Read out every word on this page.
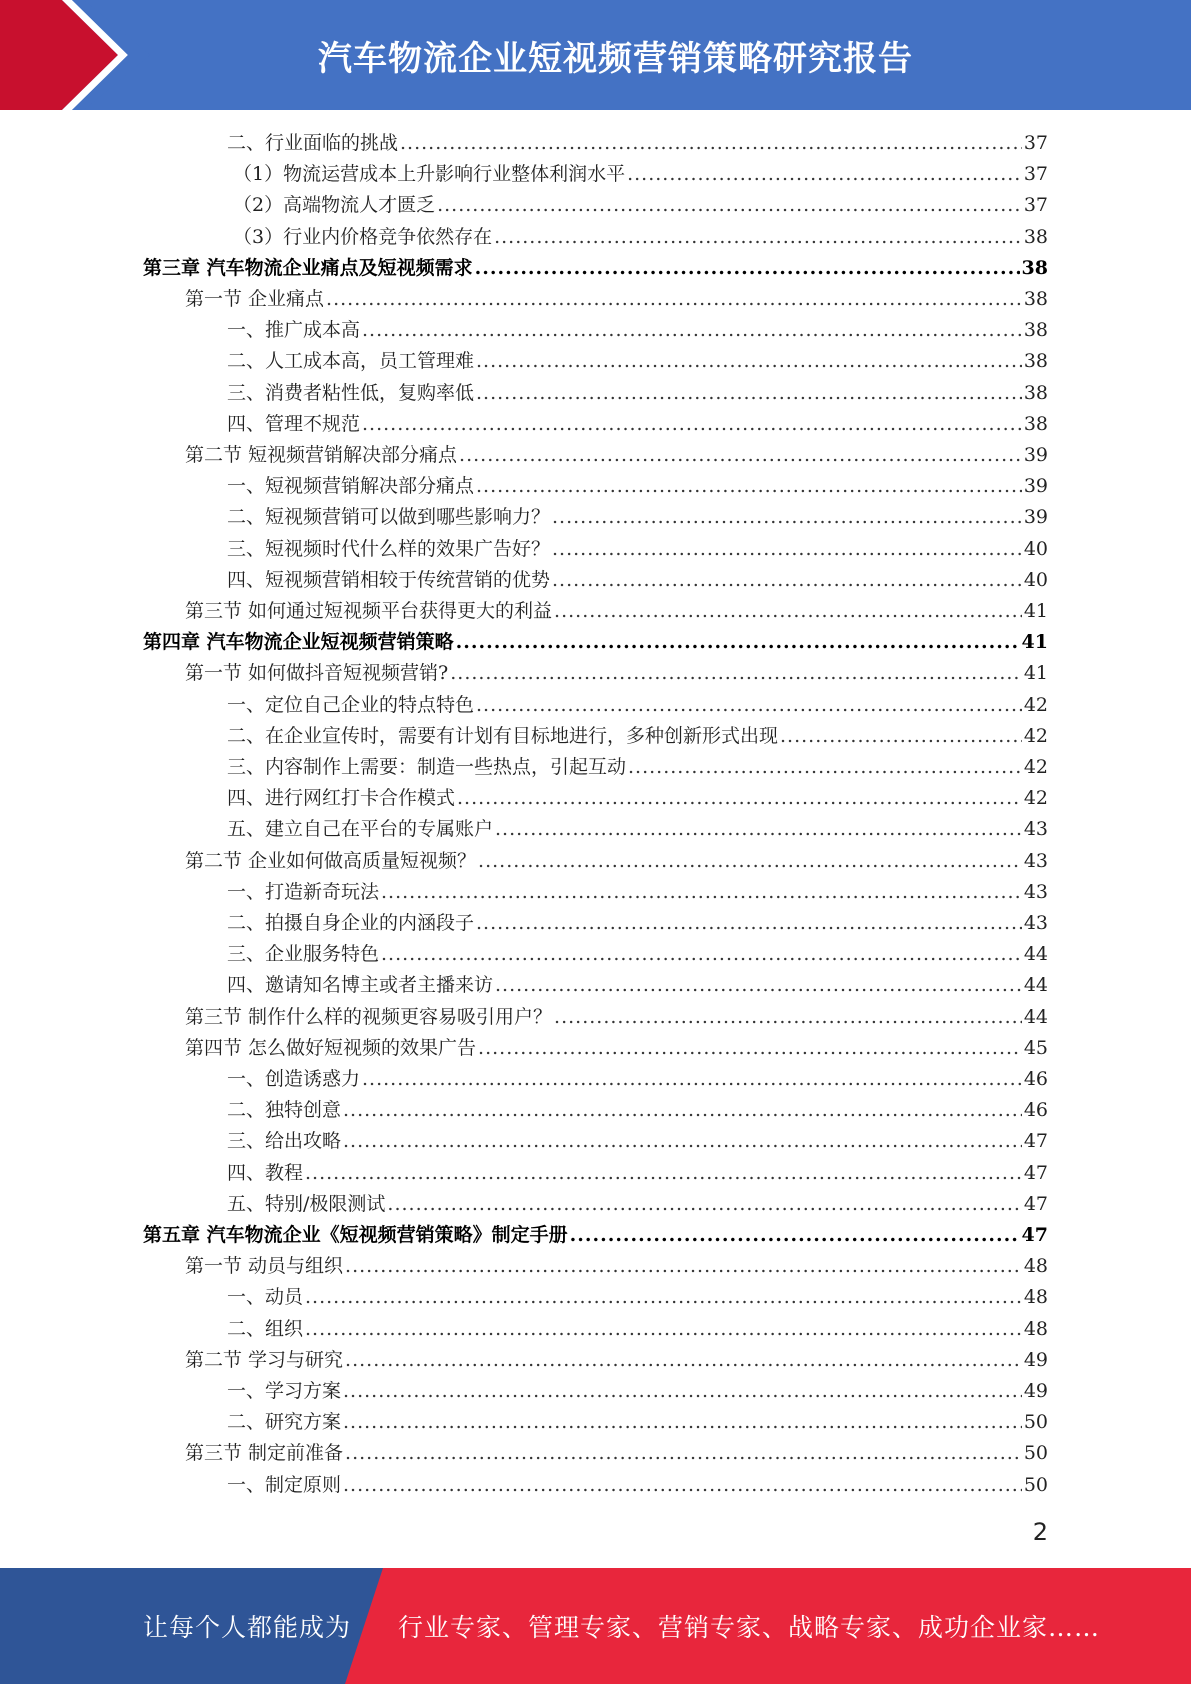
汽车物流企业短视频营销策略研究报告
二、行业面临的挑战 .....	37
（1）物流运营成本上升影响行业整体利润水平 .....	37
（2）高端物流人才匮乏 .....	37
（3）行业内价格竞争依然存在 .....	38
第三章 汽车物流企业痛点及短视频需求 .....	38
第一节 企业痛点 .....	38
一、推广成本高 .....	38
二、人工成本高，员工管理难 .....	38
三、消费者粘性低，复购率低 .....	38
四、管理不规范 .....	38
第二节 短视频营销解决部分痛点 .....	39
一、短视频营销解决部分痛点 .....	39
二、短视频营销可以做到哪些影响力？ .....	39
三、短视频时代什么样的效果广告好？ .....	40
四、短视频营销相较于传统营销的优势 .....	40
第三节 如何通过短视频平台获得更大的利益 .....	41
第四章 汽车物流企业短视频营销策略 .....	41
第一节 如何做抖音短视频营销? .....	41
一、定位自己企业的特点特色 .....	42
二、在企业宣传时，需要有计划有目标地进行，多种创新形式出现 .....	42
三、内容制作上需要：制造一些热点，引起互动 .....	42
四、进行网红打卡合作模式 .....	42
五、建立自己在平台的专属账户 .....	43
第二节 企业如何做高质量短视频？ .....	43
一、打造新奇玩法 .....	43
二、拍摄自身企业的内涵段子 .....	43
三、企业服务特色 .....	44
四、邀请知名博主或者主播来访 .....	44
第三节 制作什么样的视频更容易吸引用户？ .....	44
第四节 怎么做好短视频的效果广告 .....	45
一、创造诱惑力 .....	46
二、独特创意 .....	46
三、给出攻略 .....	47
四、教程 .....	47
五、特别/极限测试 .....	47
第五章 汽车物流企业《短视频营销策略》制定手册 .....	47
第一节 动员与组织 .....	48
一、动员 .....	48
二、组织 .....	48
第二节 学习与研究 .....	49
一、学习方案 .....	49
二、研究方案 .....	50
第三节 制定前准备 .....	50
一、制定原则 .....	50
2
让每个人都能成为 行业专家、管理专家、营销专家、战略专家、成功企业家……
